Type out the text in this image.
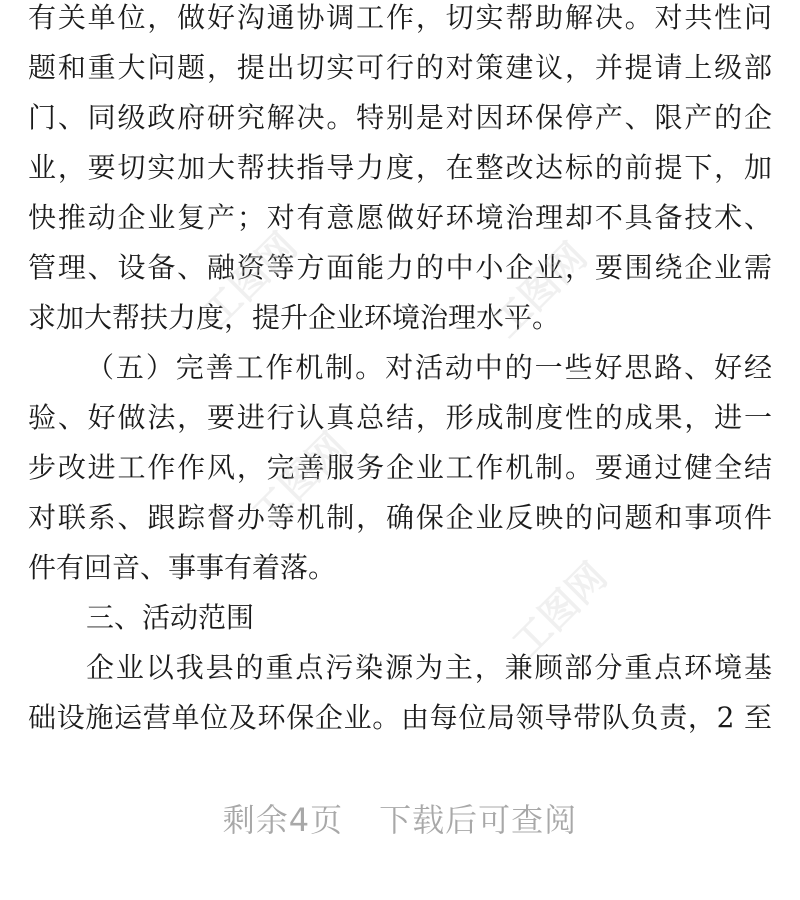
有关单位，做好沟通协调工作，切实帮助解决。对共性问
题和重大问题，提出切实可行的对策建议，并提请上级部
门、同级政府研究解决。特别是对因环保停产、限产的企
业，要切实加大帮扶指导力度，在整改达标的前提下，加
快推动企业复产；对有意愿做好环境治理却不具备技术、
管理、设备、融资等方面能力的中小企业，要围绕企业需
求加大帮扶力度，提升企业环境治理水平。
（五）完善工作机制。对活动中的一些好思路、好经
验、好做法，要进行认真总结，形成制度性的成果，进一
步改进工作作风，完善服务企业工作机制。要通过健全结
对联系、跟踪督办等机制，确保企业反映的问题和事项件
件有回音、事事有着落。
三、活动范围
企业以我县的重点污染源为主，兼顾部分重点环境基
础设施运营单位及环保企业。由每位局领导带队负责，2 至
工图网	工图网
工图网
工图网
剩余4页 下载后可查阅
